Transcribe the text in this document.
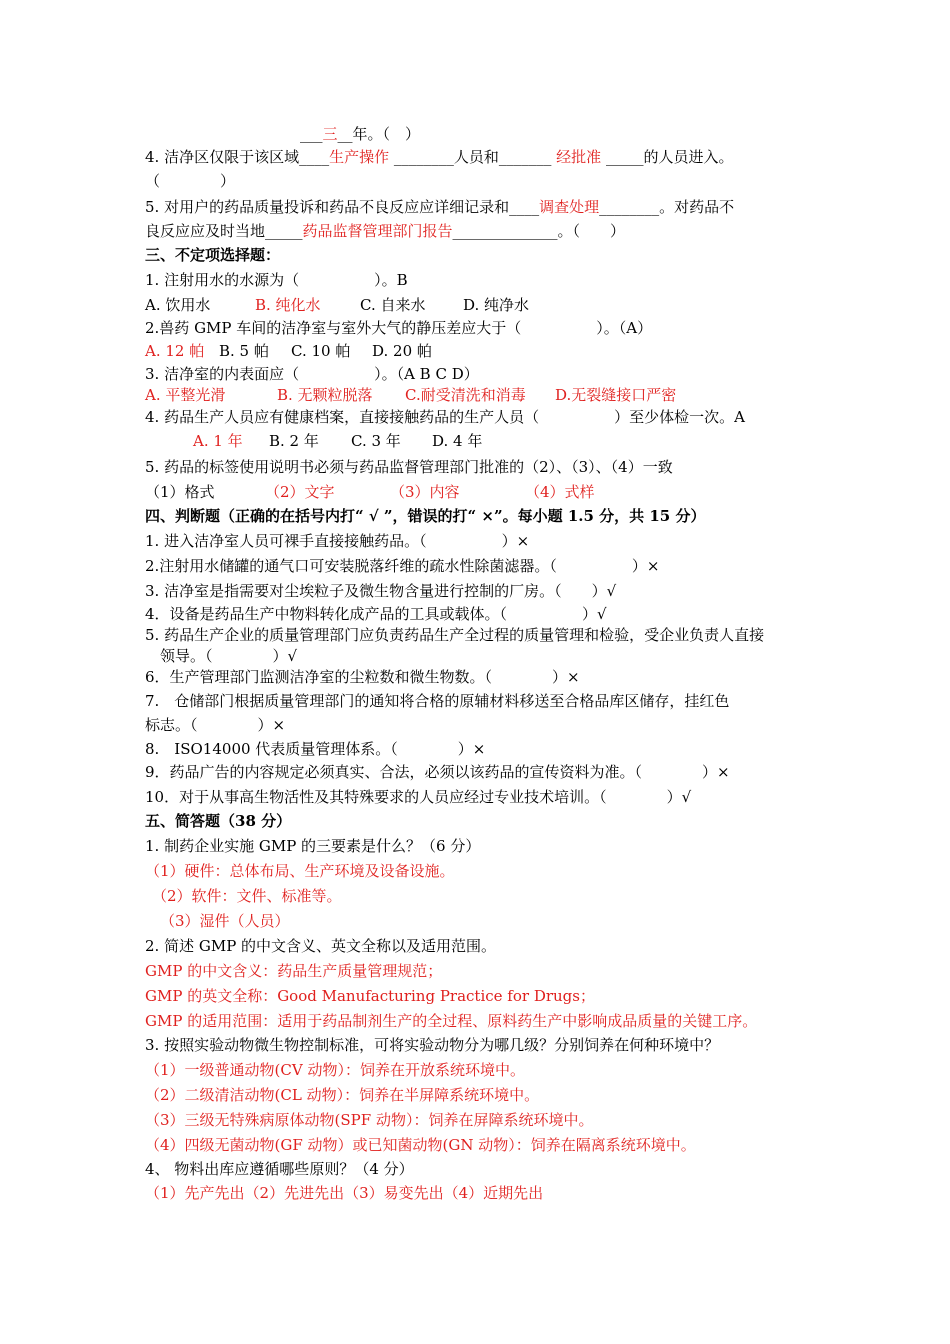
___三__年。（　）
4. 洁净区仅限于该区域____生产操作 ________人员和_______ 经批准 _____的人员进入。
（　　　　）
5. 对用户的药品质量投诉和药品不良反应应详细记录和____调查处理________。对药品不
良反应应及时当地_____药品监督管理部门报告______________。（　　）
三、不定项选择题：
1. 注射用水的水源为（　　　　　）。B
A. 饮用水	B. 纯化水	C. 自来水	D. 纯净水
2.兽药 GMP 车间的洁净室与室外大气的静压差应大于（　　　　　）。（A）
A. 12 帕 B. 5 帕 C. 10 帕 D. 20 帕
3. 洁净室的内表面应（　　　　　）。（A B C D）
A. 平整光滑	B. 无颗粒脱落 C.耐受清洗和消毒 D.无裂缝接口严密
4. 药品生产人员应有健康档案，直接接触药品的生产人员（　　　　　）至少体检一次。A
A. 1 年 B. 2 年 C. 3 年 D. 4 年
5. 药品的标签使用说明书必须与药品监督管理部门批准的（2）、（3）、（4）一致
（1）格式	（2）文字	（3）内容	（4）式样
四、判断题（正确的在括号内打“ √ ”，错误的打“ ×”。每小题 1.5 分，共 15 分）
1. 进入洁净室人员可裸手直接接触药品。（　　　　　）×
2.注射用水储罐的通气口可安装脱落纤维的疏水性除菌滤器。（　　　　　）×
3. 洁净室是指需要对尘埃粒子及微生物含量进行控制的厂房。（　　）√
4．设备是药品生产中物料转化成产品的工具或载体。（　　　　　）√
5. 药品生产企业的质量管理部门应负责药品生产全过程的质量管理和检验，受企业负责人直接
　领导。（　　　　）√
6．生产管理部门监测洁净室的尘粒数和微生物数。（　　　　）×
7.　仓储部门根据质量管理部门的通知将合格的原辅材料移送至合格品库区储存，挂红色
标志。（　　　　）×
8.　ISO14000 代表质量管理体系。（　　　　）×
9．药品广告的内容规定必须真实、合法，必须以该药品的宣传资料为准。（　　　　）×
10．对于从事高生物活性及其特殊要求的人员应经过专业技术培训。（　　　　）√
五、简答题（38 分）
1. 制药企业实施 GMP 的三要素是什么？（6 分）
（1）硬件：总体布局、生产环境及设备设施。
（2）软件：文件、标准等。
（3）湿件（人员）
2. 简述 GMP 的中文含义、英文全称以及适用范围。
GMP 的中文含义：药品生产质量管理规范；
GMP 的英文全称：Good Manufacturing Practice for Drugs；
GMP 的适用范围：适用于药品制剂生产的全过程、原料药生产中影响成品质量的关键工序。
3. 按照实验动物微生物控制标准，可将实验动物分为哪几级？分别饲养在何种环境中？
（1）一级普通动物(CV 动物）：饲养在开放系统环境中。
（2）二级清洁动物(CL 动物）：饲养在半屏障系统环境中。
（3）三级无特殊病原体动物(SPF 动物）：饲养在屏障系统环境中。
（4）四级无菌动物(GF 动物）或已知菌动物(GN 动物）：饲养在隔离系统环境中。
4、 物料出库应遵循哪些原则？（4 分）
（1）先产先出（2）先进先出（3）易变先出（4）近期先出
